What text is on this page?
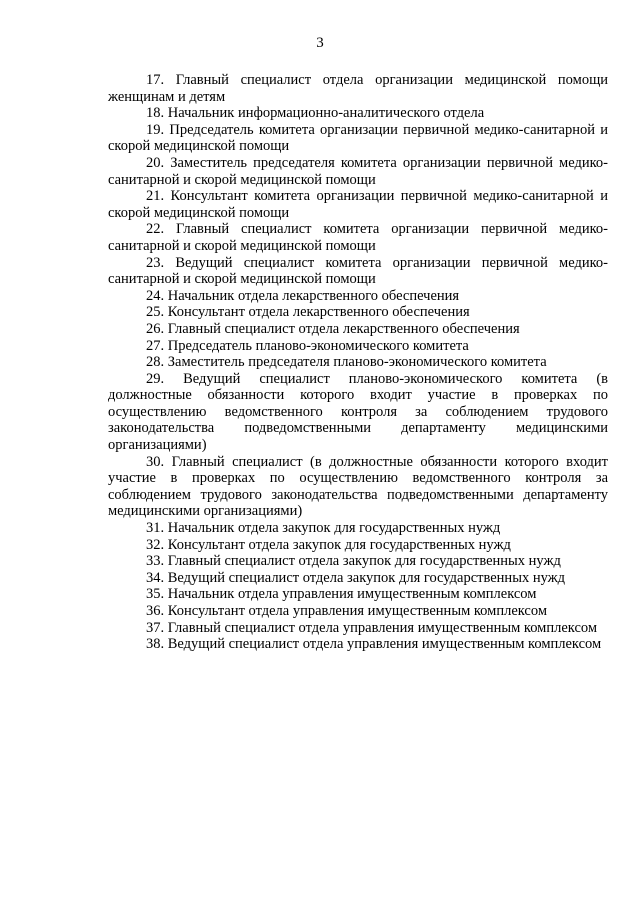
3

17. Главный специалист отдела организации медицинской помощи женщинам и детям

18. Начальник информационно-аналитического отдела

19. Председатель комитета организации первичной медико-санитарной и скорой медицинской помощи

20. Заместитель председателя комитета организации первичной медико-санитарной и скорой медицинской помощи

21. Консультант комитета организации первичной медико-санитарной и скорой медицинской помощи

22. Главный специалист комитета организации первичной медико-санитарной и скорой медицинской помощи

23. Ведущий специалист комитета организации первичной медико-санитарной и скорой медицинской помощи

24. Начальник отдела лекарственного обеспечения

25. Консультант отдела лекарственного обеспечения

26. Главный специалист отдела лекарственного обеспечения

27. Председатель планово-экономического комитета

28. Заместитель председателя планово-экономического комитета

29. Ведущий специалист планово-экономического комитета (в должностные обязанности которого входит участие в проверках по осуществлению ведомственного контроля за соблюдением трудового законодательства подведомственными департаменту медицинскими организациями)

30. Главный специалист (в должностные обязанности которого входит участие в проверках по осуществлению ведомственного контроля за соблюдением трудового законодательства подведомственными департаменту медицинскими организациями)

31. Начальник отдела закупок для государственных нужд

32. Консультант отдела закупок для государственных нужд

33. Главный специалист отдела закупок для государственных нужд

34. Ведущий специалист отдела закупок для государственных нужд

35. Начальник отдела управления имущественным комплексом

36. Консультант отдела управления имущественным комплексом

37. Главный специалист отдела управления имущественным комплексом

38. Ведущий специалист отдела управления имущественным комплексом
